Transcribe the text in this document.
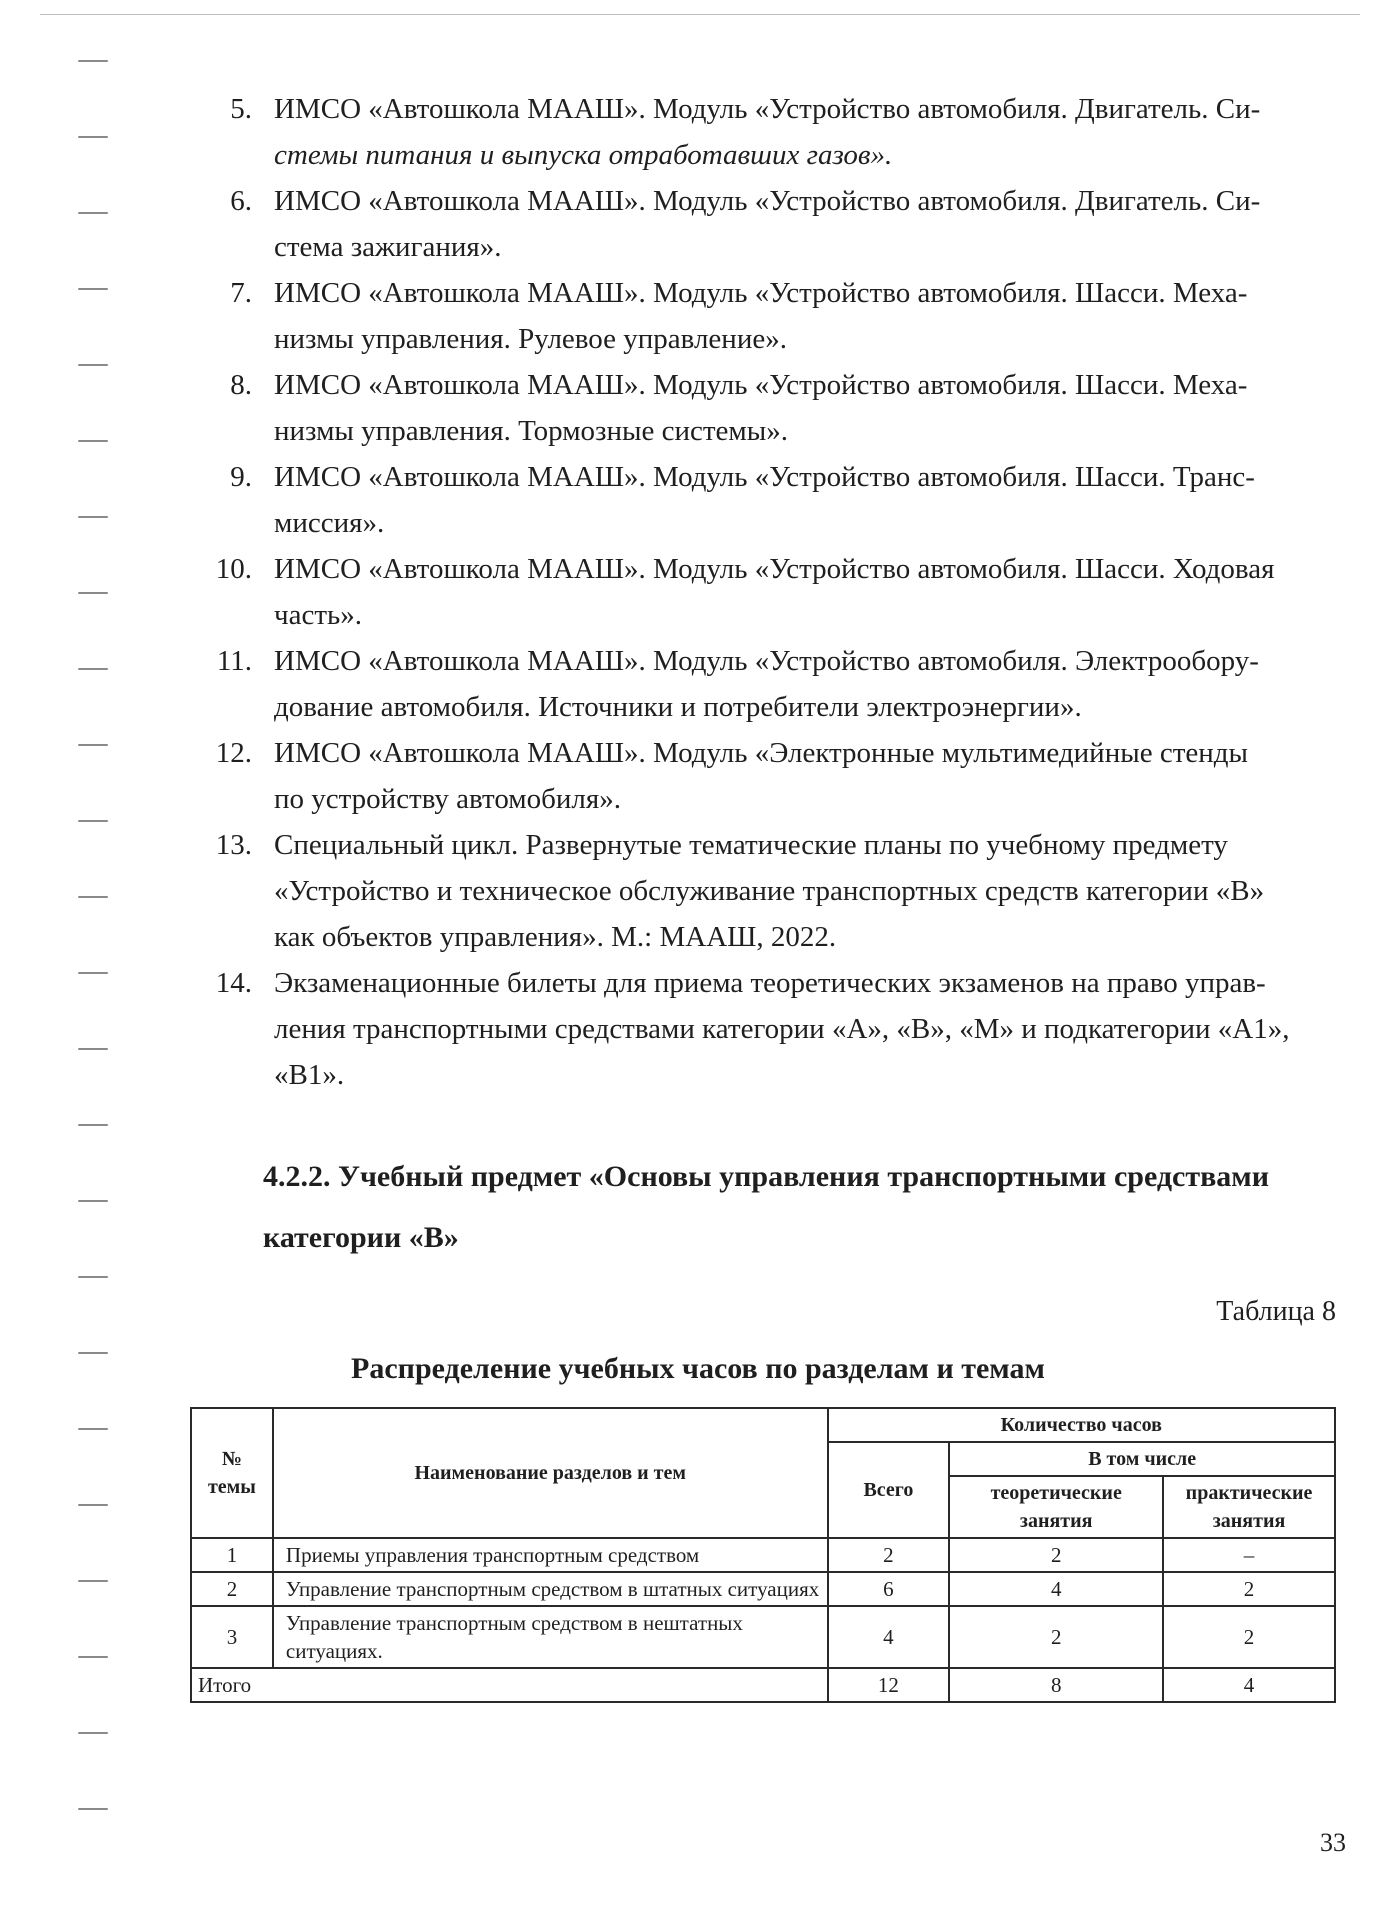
5. ИМСО «Автошкола МААШ». Модуль «Устройство автомобиля. Двигатель. Си-
стемы питания и выпуска отработавших газов».
6. ИМСО «Автошкола МААШ». Модуль «Устройство автомобиля. Двигатель. Си-
стема зажигания».
7. ИМСО «Автошкола МААШ». Модуль «Устройство автомобиля. Шасси. Меха-
низмы управления. Рулевое управление».
8. ИМСО «Автошкола МААШ». Модуль «Устройство автомобиля. Шасси. Меха-
низмы управления. Тормозные системы».
9. ИМСО «Автошкола МААШ». Модуль «Устройство автомобиля. Шасси. Транс-
миссия».
10. ИМСО «Автошкола МААШ». Модуль «Устройство автомобиля. Шасси. Ходовая
часть».
11. ИМСО «Автошкола МААШ». Модуль «Устройство автомобиля. Электрообору-
дование автомобиля. Источники и потребители электроэнергии».
12. ИМСО «Автошкола МААШ». Модуль «Электронные мультимедийные стенды
по устройству автомобиля».
13. Специальный цикл. Развернутые тематические планы по учебному предмету
«Устройство и техническое обслуживание транспортных средств категории «В»
как объектов управления». М.: МААШ, 2022.
14. Экзаменационные билеты для приема теоретических экзаменов на право управ-
ления транспортными средствами категории «А», «В», «М» и подкатегории «А1»,
«В1».
4.2.2. Учебный предмет «Основы управления транспортными средствами категории «В»
Таблица 8
Распределение учебных часов по разделам и темам
№ темы	Наименование разделов и тем	Количество часов		
		Всего	В том числе	
			теоретические занятия	практические занятия
1	Приемы управления транспортным средством	2	2	–
2	Управление транспортным средством в штатных ситуациях	6	4	2
3	Управление транспортным средством в нештатных ситуациях.	4	2	2
Итого		12	8	4
33
